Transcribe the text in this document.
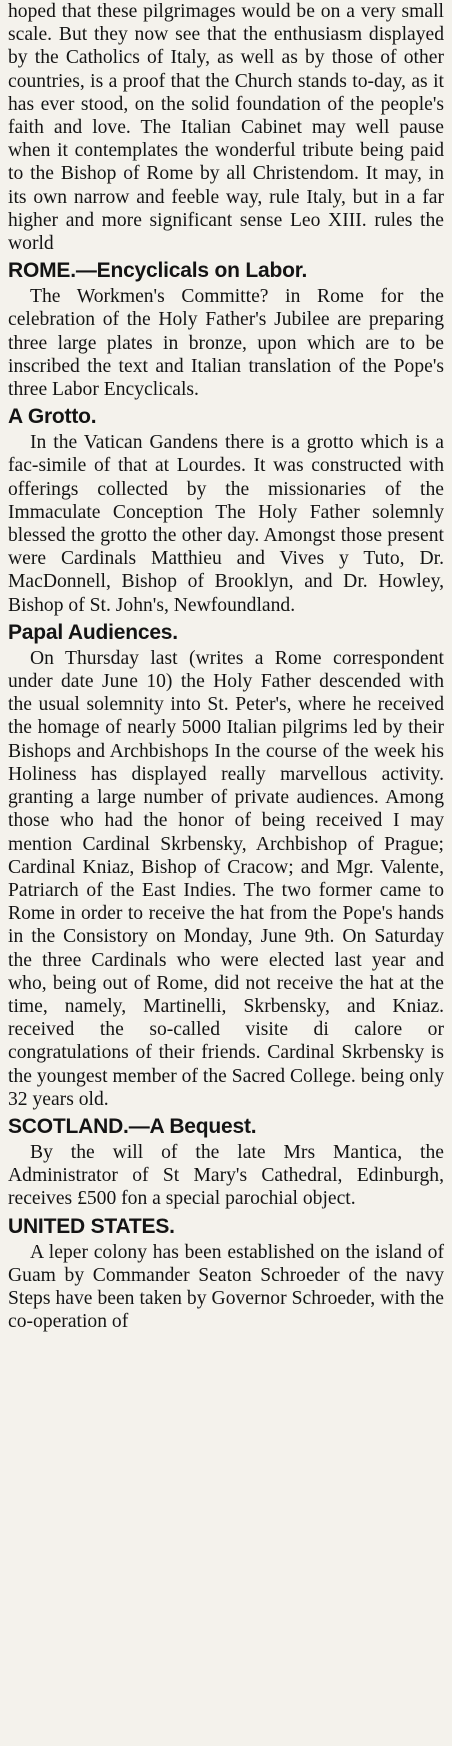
hoped that these pilgrimages would be on a very small scale. But they now see that the enthusiasm displayed by the Catholics of Italy, as well as by those of other countries, is a proof that the Church stands to-day, as it has ever stood, on the solid foundation of the people's faith and love. The Italian Cabinet may well pause when it contemplates the wonderful tribute being paid to the Bishop of Rome by all Christendom. It may, in its own narrow and feeble way, rule Italy, but in a far higher and more significant sense Leo XIII. rules the world

ROME.—Encyclicals on Labor.

The Workmen's Committe? in Rome for the celebration of the Holy Father's Jubilee are preparing three large plates in bronze, upon which are to be inscribed the text and Italian translation of the Pope's three Labor Encyclicals.

A Grotto.

In the Vatican Gandens there is a grotto which is a fac-simile of that at Lourdes. It was constructed with offerings collected by the missionaries of the Immaculate Conception The Holy Father solemnly blessed the grotto the other day. Amongst those present were Cardinals Matthieu and Vives y Tuto, Dr. MacDonnell, Bishop of Brooklyn, and Dr. Howley, Bishop of St. John's, Newfoundland.

Papal Audiences.

On Thursday last (writes a Rome correspondent under date June 10) the Holy Father descended with the usual solemnity into St. Peter's, where he received the homage of nearly 5000 Italian pilgrims led by their Bishops and Archbishops In the course of the week his Holiness has displayed really marvellous activity. granting a large number of private audiences. Among those who had the honor of being received I may mention Cardinal Skrbensky, Archbishop of Prague; Cardinal Kniaz, Bishop of Cracow; and Mgr. Valente, Patriarch of the East Indies. The two former came to Rome in order to receive the hat from the Pope's hands in the Consistory on Monday, June 9th. On Saturday the three Cardinals who were elected last year and who, being out of Rome, did not receive the hat at the time, namely, Martinelli, Skrbensky, and Kniaz. received the so-called visite di calore or congratulations of their friends. Cardinal Skrbensky is the youngest member of the Sacred College. being only 32 years old.

SCOTLAND.—A Bequest.

By the will of the late Mrs Mantica, the Administrator of St Mary's Cathedral, Edinburgh, receives £500 fon a special parochial object.

UNITED STATES.

A leper colony has been established on the island of Guam by Commander Seaton Schroeder of the navy Steps have been taken by Governor Schroeder, with the co-operation of
